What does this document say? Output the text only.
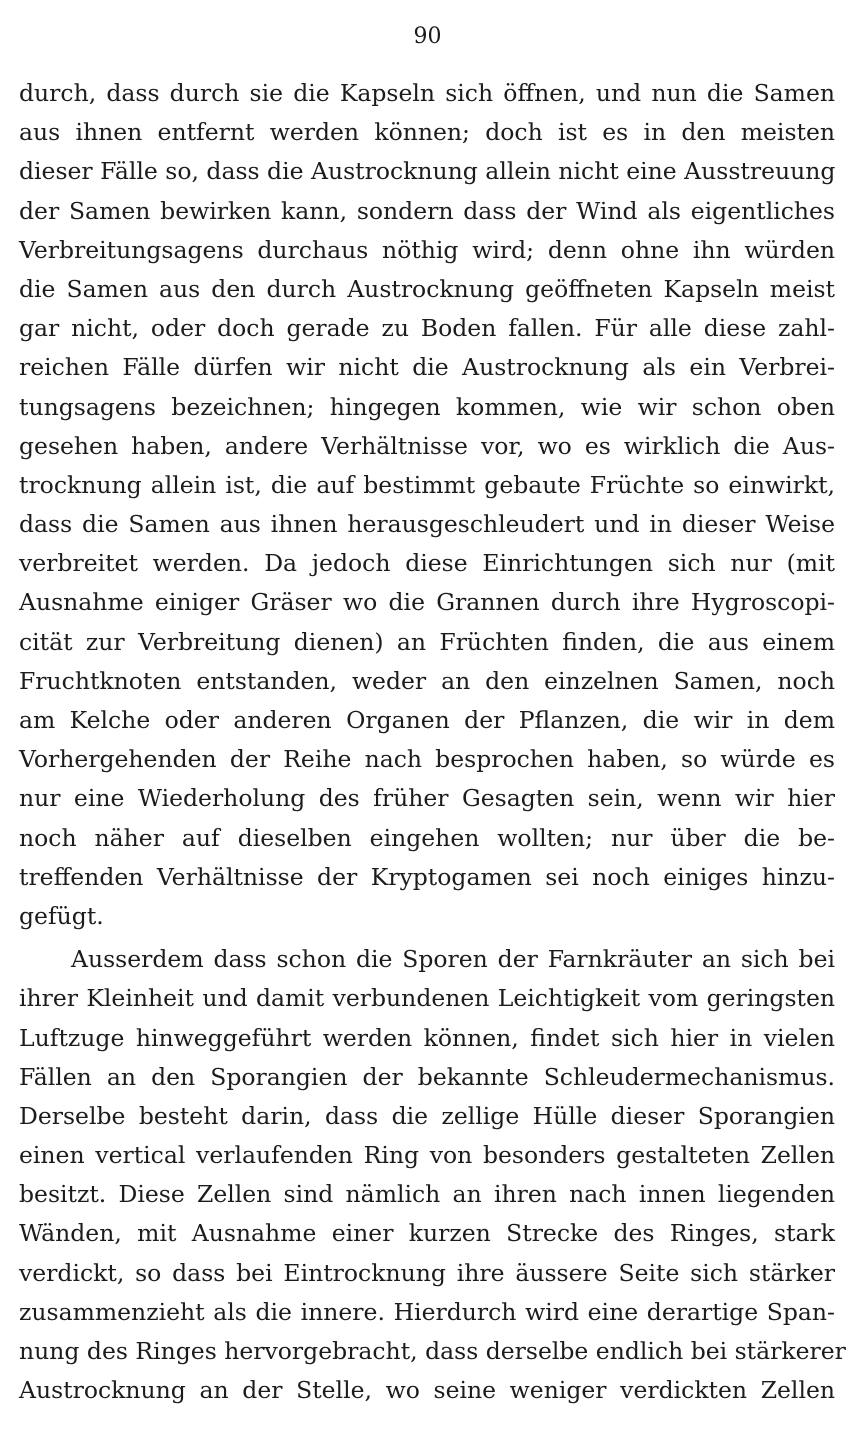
90
durch, dass durch sie die Kapseln sich öffnen, und nun die Samen
aus ihnen entfernt werden können; doch ist es in den meisten
dieser Fälle so, dass die Austrocknung allein nicht eine Ausstreuung
der Samen bewirken kann, sondern dass der Wind als eigentliches
Verbreitungsagens durchaus nöthig wird; denn ohne ihn würden
die Samen aus den durch Austrocknung geöffneten Kapseln meist
gar nicht, oder doch gerade zu Boden fallen. Für alle diese zahl-
reichen Fälle dürfen wir nicht die Austrocknung als ein Verbrei-
tungsagens bezeichnen; hingegen kommen, wie wir schon oben
gesehen haben, andere Verhältnisse vor, wo es wirklich die Aus-
trocknung allein ist, die auf bestimmt gebaute Früchte so einwirkt,
dass die Samen aus ihnen herausgeschleudert und in dieser Weise
verbreitet werden. Da jedoch diese Einrichtungen sich nur (mit
Ausnahme einiger Gräser wo die Grannen durch ihre Hygroscopi-
cität zur Verbreitung dienen) an Früchten finden, die aus einem
Fruchtknoten entstanden, weder an den einzelnen Samen, noch
am Kelche oder anderen Organen der Pflanzen, die wir in dem
Vorhergehenden der Reihe nach besprochen haben, so würde es
nur eine Wiederholung des früher Gesagten sein, wenn wir hier
noch näher auf dieselben eingehen wollten; nur über die be-
treffenden Verhältnisse der Kryptogamen sei noch einiges hinzu-
gefügt.
Ausserdem dass schon die Sporen der Farnkräuter an sich bei
ihrer Kleinheit und damit verbundenen Leichtigkeit vom geringsten
Luftzuge hinweggeführt werden können, findet sich hier in vielen
Fällen an den Sporangien der bekannte Schleudermechanismus.
Derselbe besteht darin, dass die zellige Hülle dieser Sporangien
einen vertical verlaufenden Ring von besonders gestalteten Zellen
besitzt. Diese Zellen sind nämlich an ihren nach innen liegenden
Wänden, mit Ausnahme einer kurzen Strecke des Ringes, stark
verdickt, so dass bei Eintrocknung ihre äussere Seite sich stärker
zusammenzieht als die innere. Hierdurch wird eine derartige Span-
nung des Ringes hervorgebracht, dass derselbe endlich bei stärkerer
Austrocknung an der Stelle, wo seine weniger verdickten Zellen
